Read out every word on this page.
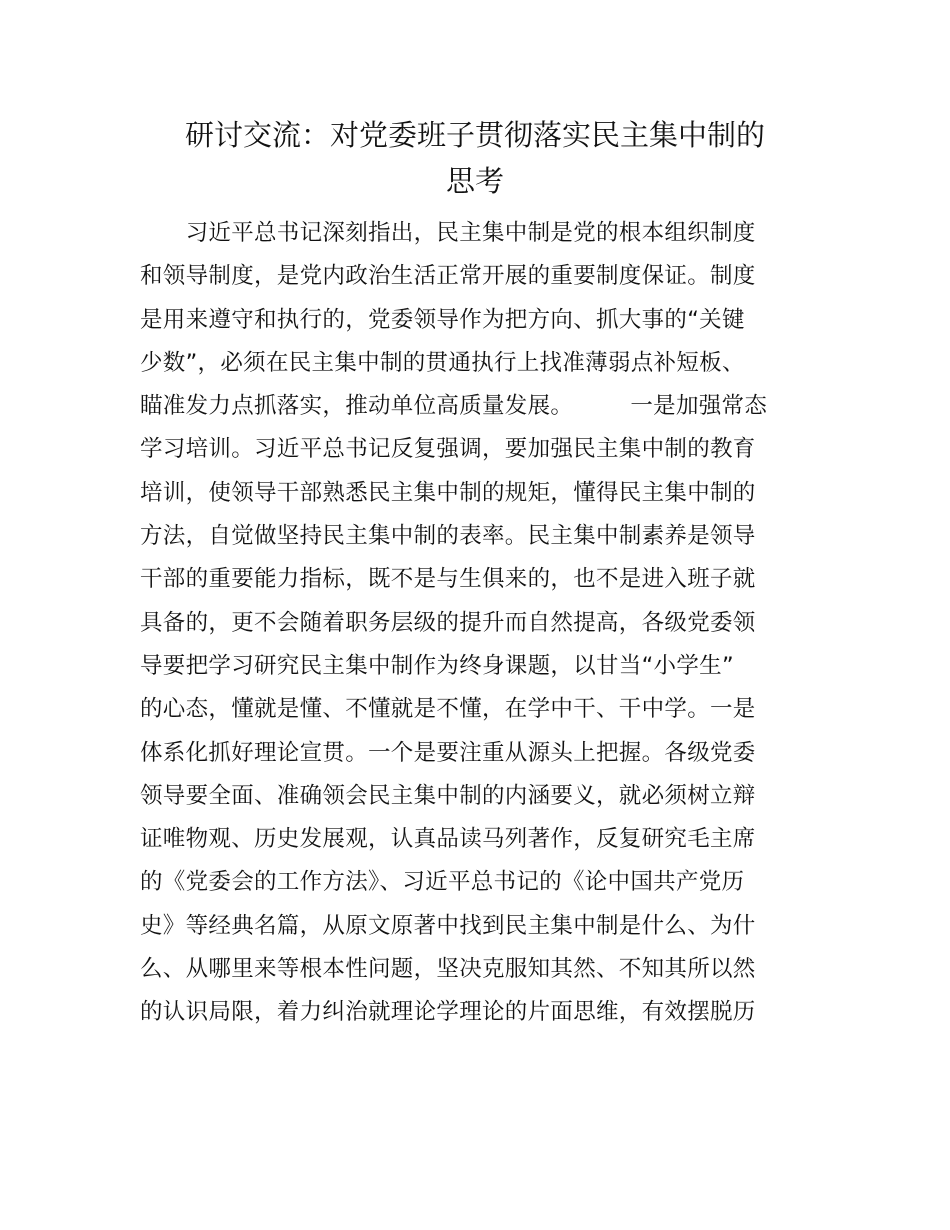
研讨交流：对党委班子贯彻落实民主集中制的
思考
　　习近平总书记深刻指出，民主集中制是党的根本组织制度
和领导制度，是党内政治生活正常开展的重要制度保证。制度
是用来遵守和执行的，党委领导作为把方向、抓大事的“关键
少数”，必须在民主集中制的贯通执行上找准薄弱点补短板、
瞄准发力点抓落实，推动单位高质量发展。　　　一是加强常态
学习培训。习近平总书记反复强调，要加强民主集中制的教育
培训，使领导干部熟悉民主集中制的规矩，懂得民主集中制的
方法，自觉做坚持民主集中制的表率。民主集中制素养是领导
干部的重要能力指标，既不是与生俱来的，也不是进入班子就
具备的，更不会随着职务层级的提升而自然提高，各级党委领
导要把学习研究民主集中制作为终身课题，以甘当“小学生”
的心态，懂就是懂、不懂就是不懂，在学中干、干中学。一是
体系化抓好理论宣贯。一个是要注重从源头上把握。各级党委
领导要全面、准确领会民主集中制的内涵要义，就必须树立辩
证唯物观、历史发展观，认真品读马列著作，反复研究毛主席
的《党委会的工作方法》、习近平总书记的《论中国共产党历
史》等经典名篇，从原文原著中找到民主集中制是什么、为什
么、从哪里来等根本性问题，坚决克服知其然、不知其所以然
的认识局限，着力纠治就理论学理论的片面思维，有效摆脱历
